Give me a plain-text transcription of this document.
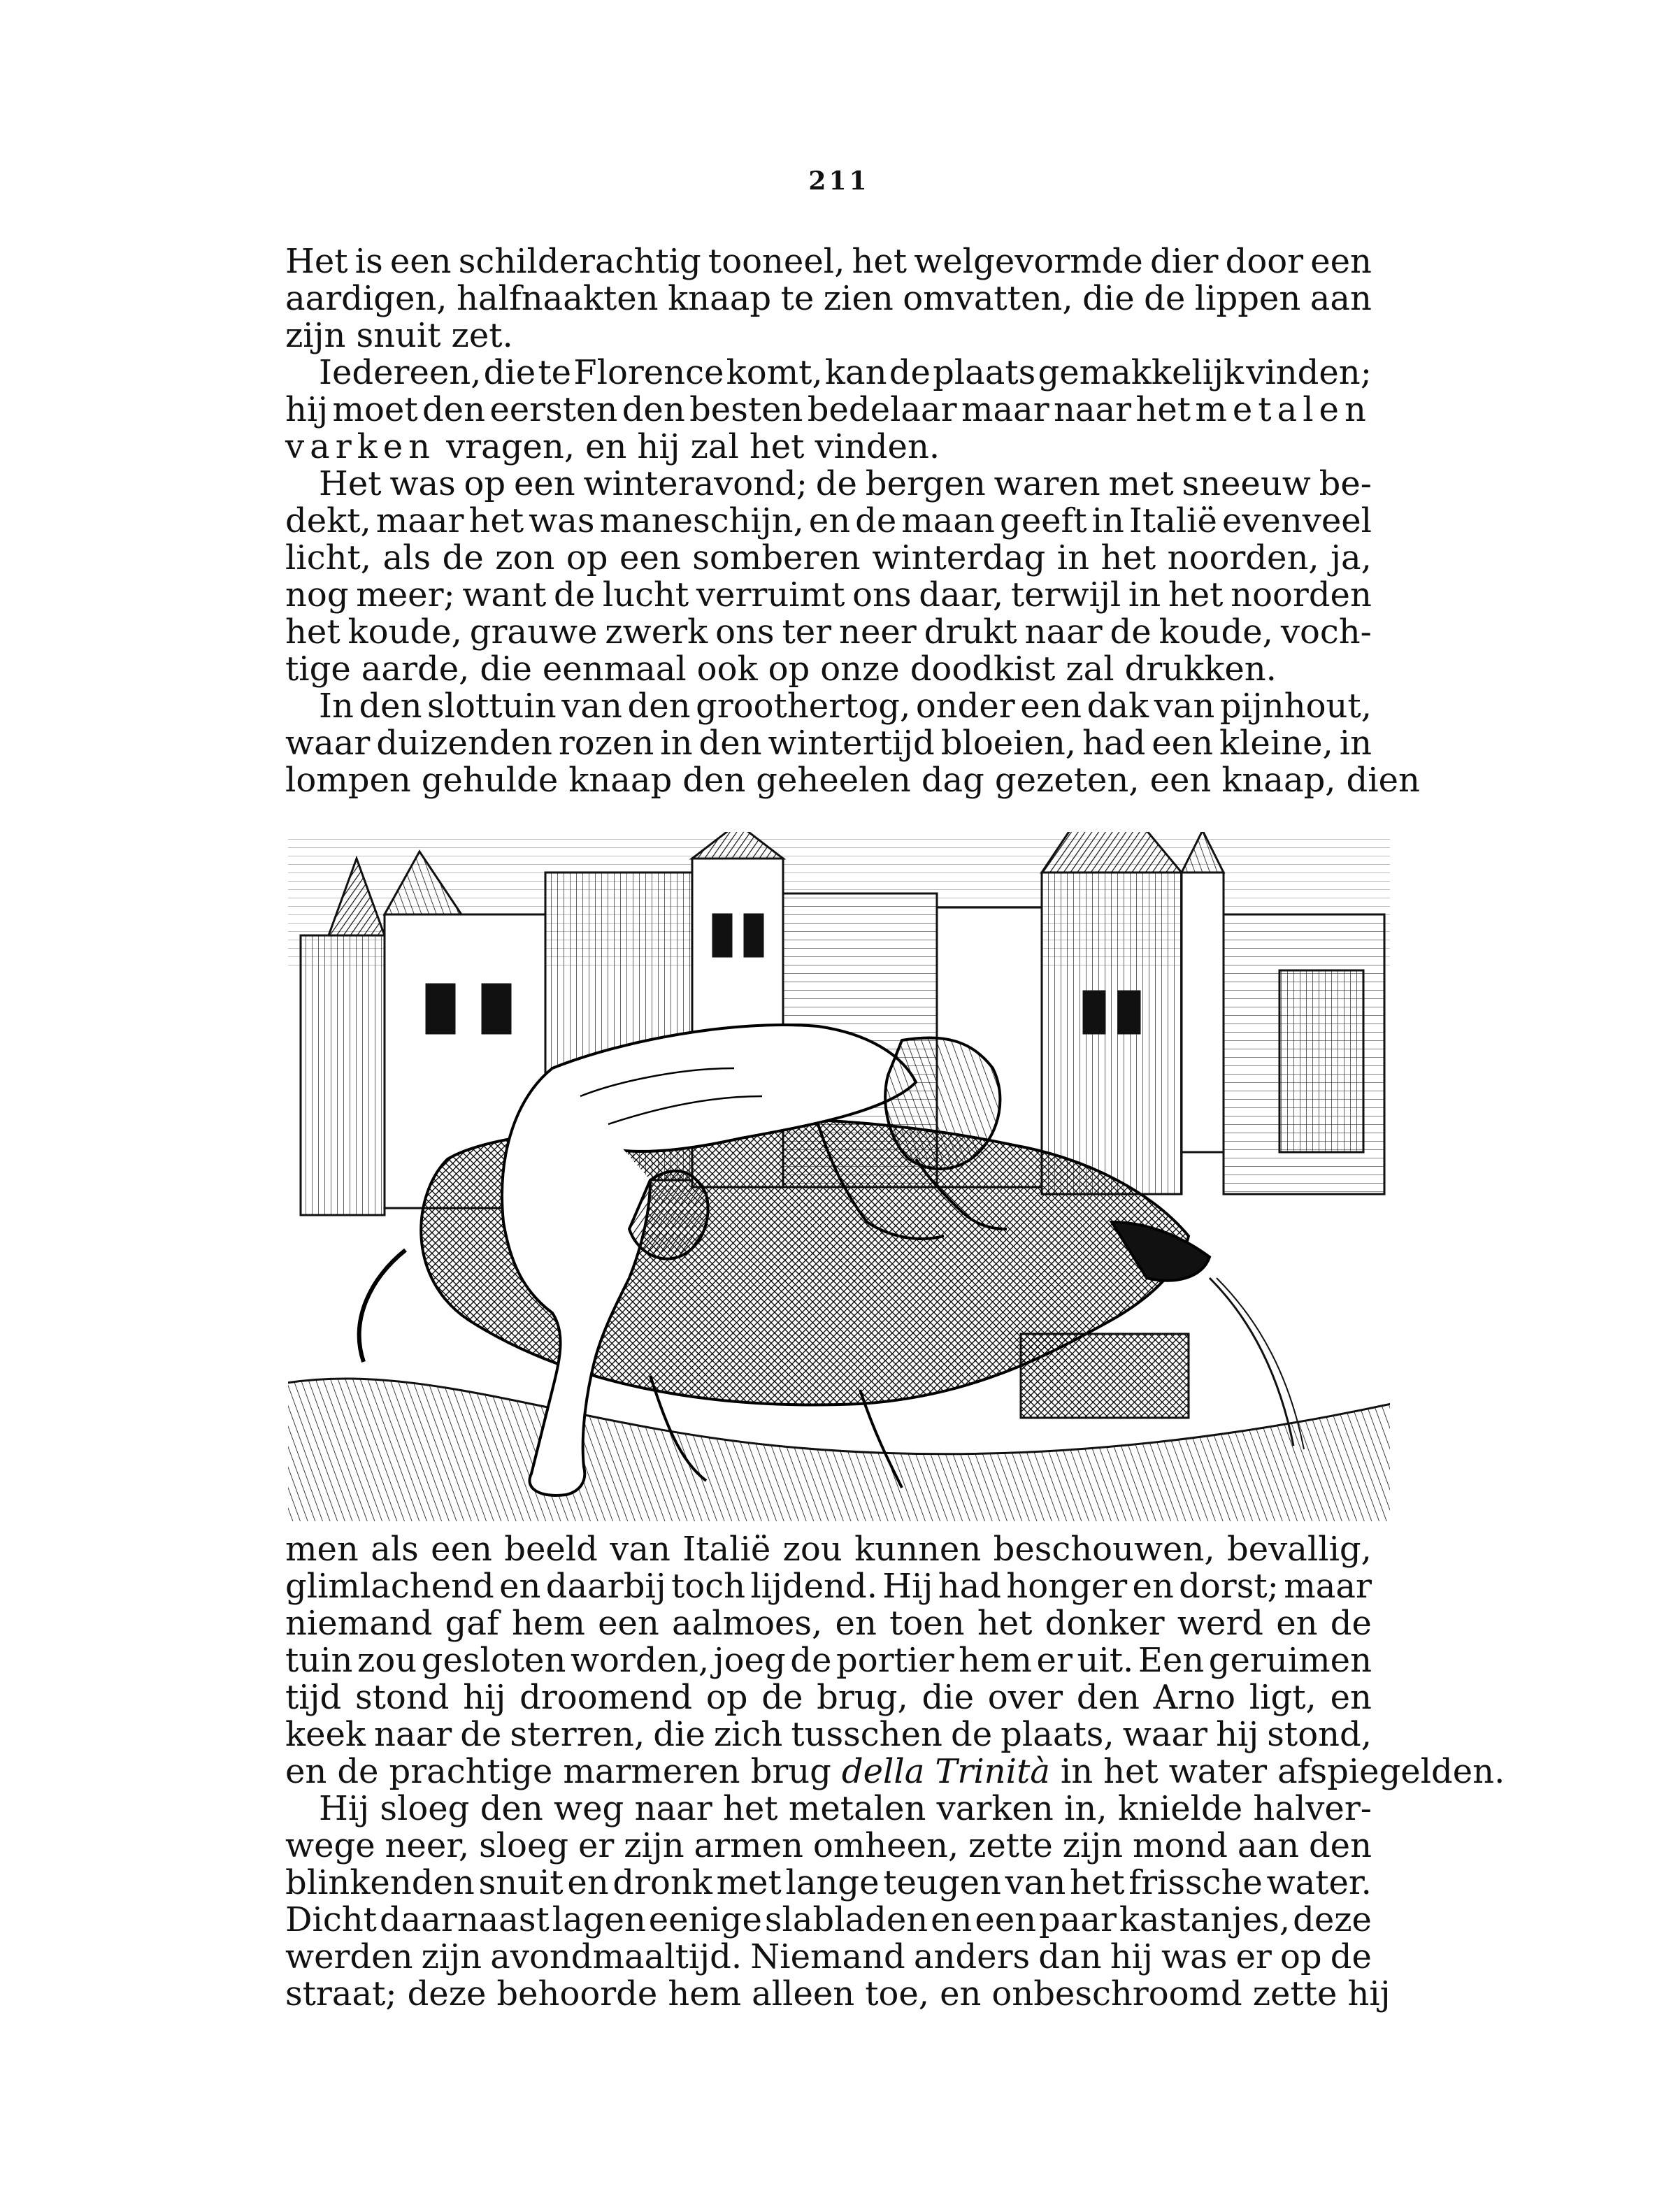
211
Het is een schilderachtig tooneel, het welgevormde dier door een
aardigen, halfnaakten knaap te zien omvatten, die de lippen aan
zijn snuit zet.
Iedereen, die te Florence komt, kan de plaats gemakkelijk vinden;
hij moet den eersten den besten bedelaar maar naar het metalen
varken vragen, en hij zal het vinden.
Het was op een winteravond; de bergen waren met sneeuw be-
dekt, maar het was maneschijn, en de maan geeft in Italië evenveel
licht, als de zon op een somberen winterdag in het noorden, ja,
nog meer; want de lucht verruimt ons daar, terwijl in het noorden
het koude, grauwe zwerk ons ter neer drukt naar de koude, voch-
tige aarde, die eenmaal ook op onze doodkist zal drukken.
In den slottuin van den groothertog, onder een dak van pijnhout,
waar duizenden rozen in den wintertijd bloeien, had een kleine, in
lompen gehulde knaap den geheelen dag gezeten, een knaap, dien
men als een beeld van Italië zou kunnen beschouwen, bevallig,
glimlachend en daarbij toch lijdend. Hij had honger en dorst; maar
niemand gaf hem een aalmoes, en toen het donker werd en de
tuin zou gesloten worden, joeg de portier hem er uit. Een geruimen
tijd stond hij droomend op de brug, die over den Arno ligt, en
keek naar de sterren, die zich tusschen de plaats, waar hij stond,
en de prachtige marmeren brug della Trinità in het water afspiegelden.
Hij sloeg den weg naar het metalen varken in, knielde halver-
wege neer, sloeg er zijn armen omheen, zette zijn mond aan den
blinkenden snuit en dronk met lange teugen van het frissche water.
Dicht daarnaast lagen eenige slabladen en een paar kastanjes, deze
werden zijn avondmaaltijd. Niemand anders dan hij was er op de
straat; deze behoorde hem alleen toe, en onbeschroomd zette hij
